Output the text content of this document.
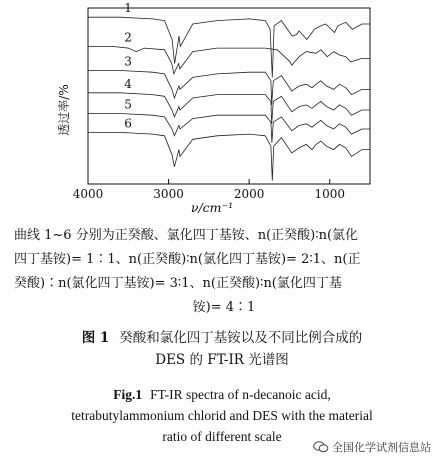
1
2
3
4
5
6
4000	3000	2000	1000
透过率/%
ν/cm⁻¹
曲线 1~6 分别为正癸酸、氯化四丁基铵、n(正癸酸)∶n(氯化
四丁基铵)= 1∶1、n(正癸酸)∶n(氯化四丁基铵)= 2∶1、n(正
癸酸)∶n(氯化四丁基铵)= 3∶1、n(正癸酸)∶n(氯化四丁基
铵)= 4∶1
图 1 癸酸和氯化四丁基铵以及不同比例合成的
DES 的 FT-IR 光谱图
Fig.1 FT-IR spectra of n-decanoic acid,
tetrabutylammonium chlorid and DES with the material
ratio of different scale
全国化学试剂信息站
